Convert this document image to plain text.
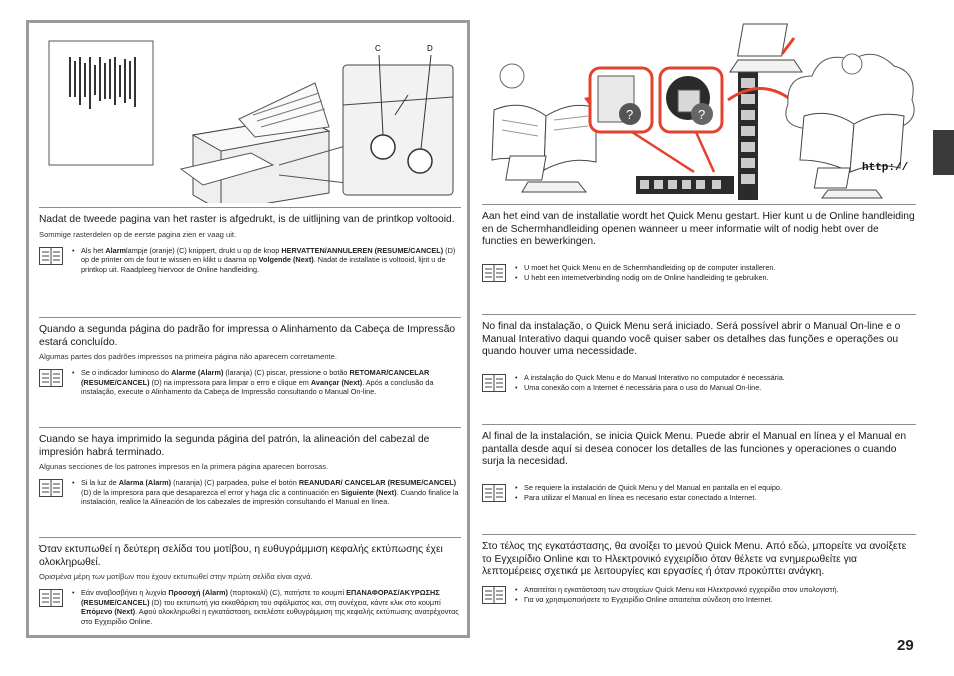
C	D
Nadat de tweede pagina van het raster is afgedrukt, is de uitlijning van de printkop voltooid.
Sommige rasterdelen op de eerste pagina zien er vaag uit.
• Als het Alarmlampje (oranje) (C) knippert, drukt u op de knop HERVATTEN/ANNULEREN (RESUME/CANCEL) (D) op de printer om de fout te wissen en klikt u daarna op Volgende (Next). Nadat de installatie is voltooid, lijnt u de printkop uit. Raadpleeg hiervoor de Online handleiding.
Quando a segunda página do padrão for impressa o Alinhamento da Cabeça de Impressão estará concluído.
Algumas partes dos padrões impressos na primeira página não aparecem corretamente.
• Se o indicador luminoso do Alarme (Alarm) (laranja) (C) piscar, pressione o botão RETOMAR/CANCELAR (RESUME/CANCEL) (D) na impressora para limpar o erro e clique em Avançar (Next). Após a conclusão da instalação, execute o Alinhamento da Cabeça de Impressão consultando o Manual On-line.
Cuando se haya imprimido la segunda página del patrón, la alineación del cabezal de impresión habrá terminado.
Algunas secciones de los patrones impresos en la primera página aparecen borrosas.
• Si la luz de Alarma (Alarm) (naranja) (C) parpadea, pulse el botón REANUDAR/ CANCELAR (RESUME/CANCEL) (D) de la impresora para que desaparezca el error y haga clic a continuación en Siguiente (Next). Cuando finalice la instalación, realice la Alineación de los cabezales de impresión consultando el Manual en línea.
Όταν εκτυπωθεί η δεύτερη σελίδα του μοτίβου, η ευθυγράμμιση κεφαλής εκτύπωσης έχει ολοκληρωθεί.
Ορισμένα μέρη των μοτίβων που έχουν εκτυπωθεί στην πρώτη σελίδα είναι αχνά.
• Εάν αναβοσβήνει η λυχνία Προσοχή (Alarm) (πορτοκαλί) (C), πατήστε το κουμπί ΕΠΑΝΑΦΟΡΑΣ/ΑΚΥΡΩΣΗΣ (RESUME/CANCEL) (D) του εκτυπωτή για εκκαθάριση του σφάλματος και, στη συνέχεια, κάντε κλικ στο κουμπί Επόμενο (Next). Αφού ολοκληρωθεί η εγκατάσταση, εκτελέστε ευθυγράμμιση της κεφαλής εκτύπωσης ανατρέχοντας στο Εγχειρίδιο Online.
?	?
http://
Aan het eind van de installatie wordt het Quick Menu gestart. Hier kunt u de Online handleiding en de Schermhandleiding openen wanneer u meer informatie wilt of nodig hebt over de functies en bewerkingen.
• U moet het Quick Menu en de Schermhandleiding op de computer installeren.
• U hebt een internetverbinding nodig om de Online handleiding te gebruiken.
No final da instalação, o Quick Menu será iniciado. Será possível abrir o Manual On-line e o Manual Interativo daqui quando você quiser saber os detalhes das funções e operações ou quando houver uma necessidade.
• A instalação do Quick Menu e do Manual Interativo no computador é necessária.
• Uma conexão com a Internet é necessária para o uso do Manual On-line.
Al final de la instalación, se inicia Quick Menu. Puede abrir el Manual en línea y el Manual en pantalla desde aquí si desea conocer los detalles de las funciones y operaciones o cuando surja la necesidad.
• Se requiere la instalación de Quick Menu y del Manual en pantalla en el equipo.
• Para utilizar el Manual en línea es necesario estar conectado a Internet.
Στο τέλος της εγκατάστασης, θα ανοίξει το μενού Quick Menu. Από εδώ, μπορείτε να ανοίξετε το Εγχειρίδιο Online και το Ηλεκτρονικό εγχειρίδιο όταν θέλετε να ενημερωθείτε για λεπτομέρειες σχετικά με λειτουργίες και εργασίες ή όταν προκύπτει ανάγκη.
• Απαιτείται η εγκατάσταση των στοιχείων Quick Menu και Ηλεκτρονικό εγχειρίδιο στον υπολογιστή.
• Για να χρησιμοποιήσετε το Εγχειρίδιο Online απαιτείται σύνδεση στο Internet.
29
